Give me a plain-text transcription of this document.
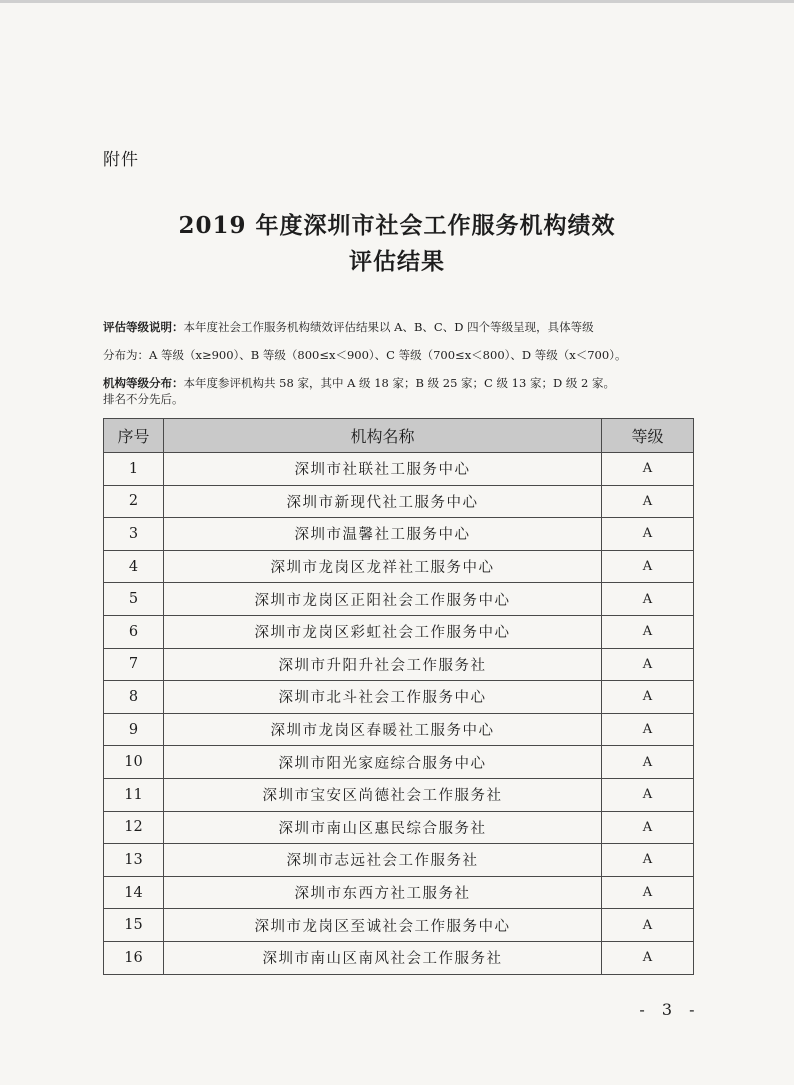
附件
2019 年度深圳市社会工作服务机构绩效
评估结果

评估等级说明：本年度社会工作服务机构绩效评估结果以 A、B、C、D 四个等级呈现，具体等级

分布为：A 等级（x≥900）、B 等级（800≤x＜900）、C 等级（700≤x＜800）、D 等级（x＜700）。

机构等级分布：本年度参评机构共 58 家，其中 A 级 18 家；B 级 25 家；C 级 13 家；D 级 2 家。

排名不分先后。

序号	机构名称	等级
1	深圳市社联社工服务中心	A
2	深圳市新现代社工服务中心	A
3	深圳市温馨社工服务中心	A
4	深圳市龙岗区龙祥社工服务中心	A
5	深圳市龙岗区正阳社会工作服务中心	A
6	深圳市龙岗区彩虹社会工作服务中心	A
7	深圳市升阳升社会工作服务社	A
8	深圳市北斗社会工作服务中心	A
9	深圳市龙岗区春暖社工服务中心	A
10	深圳市阳光家庭综合服务中心	A
11	深圳市宝安区尚德社会工作服务社	A
12	深圳市南山区惠民综合服务社	A
13	深圳市志远社会工作服务社	A
14	深圳市东西方社工服务社	A
15	深圳市龙岗区至诚社会工作服务中心	A
16	深圳市南山区南风社会工作服务社	A
- 3 -
